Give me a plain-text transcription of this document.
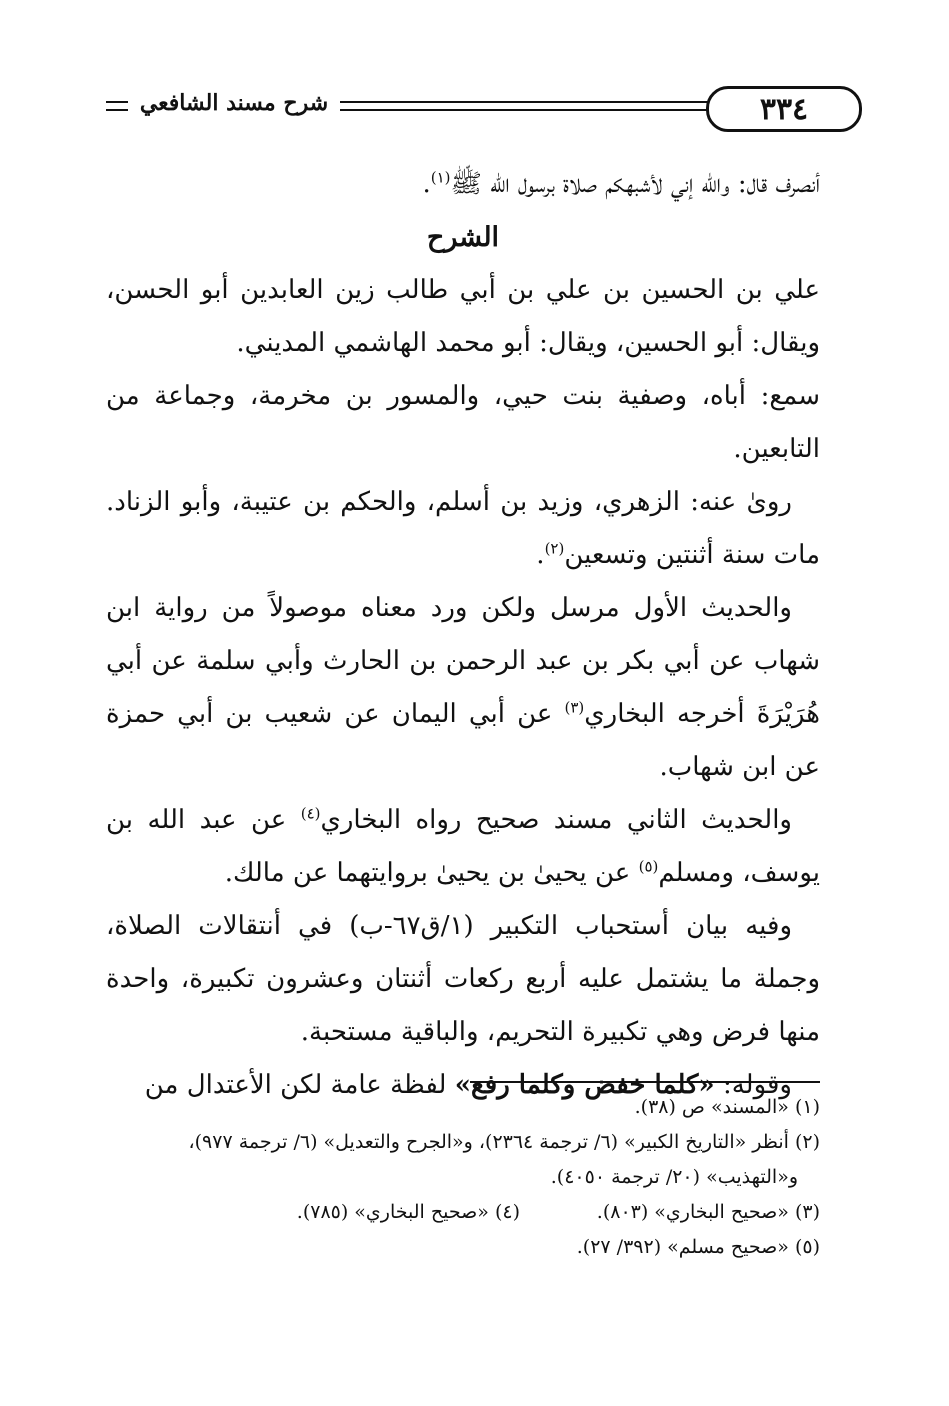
شرح مسند الشافعي	٣٣٤

أنصرف قال: والله إني لأشبهكم صلاة برسول الله ﷺ$^{(١)}$.

الشرح

علي بن الحسين بن علي بن أبي طالب زين العابدين أبو الحسن، ويقال: أبو الحسين، ويقال: أبو محمد الهاشمي المديني.

سمع: أباه، وصفية بنت حيي، والمسور بن مخرمة، وجماعة من التابعين.

روىٰ عنه: الزهري، وزيد بن أسلم، والحكم بن عتيبة، وأبو الزناد. مات سنة أثنتين وتسعين$^{(٢)}$.

والحديث الأول مرسل ولكن ورد معناه موصولاً من رواية ابن شهاب عن أبي بكر بن عبد الرحمن بن الحارث وأبي سلمة عن أبي هُرَيْرَةَ أخرجه البخاري$^{(٣)}$ عن أبي اليمان عن شعيب بن أبي حمزة عن ابن شهاب.

والحديث الثاني مسند صحيح رواه البخاري$^{(٤)}$ عن عبد الله بن يوسف، ومسلم$^{(٥)}$ عن يحيىٰ بن يحيىٰ بروايتهما عن مالك.

وفيه بيان أستحباب التكبير (١/ق٦٧-ب) في أنتقالات الصلاة، وجملة ما يشتمل عليه أربع ركعات أثنتان وعشرون تكبيرة، واحدة منها فرض وهي تكبيرة التحريم، والباقية مستحبة.

وقوله: «كلما خفض وكلما رفع» لفظة عامة لكن الأعتدال من

(١) «المسند» ص (٣٨).

(٢) أنظر «التاريخ الكبير» (٦/ ترجمة ٢٣٦٤)، و«الجرح والتعديل» (٦/ ترجمة ٩٧٧)،

و«التهذيب» (٢٠/ ترجمة ٤٠٥٠).

(٣) «صحيح البخاري» (٨٠٣).

(٤) «صحيح البخاري» (٧٨٥).

(٥) «صحيح مسلم» (٣٩٢/ ٢٧).
